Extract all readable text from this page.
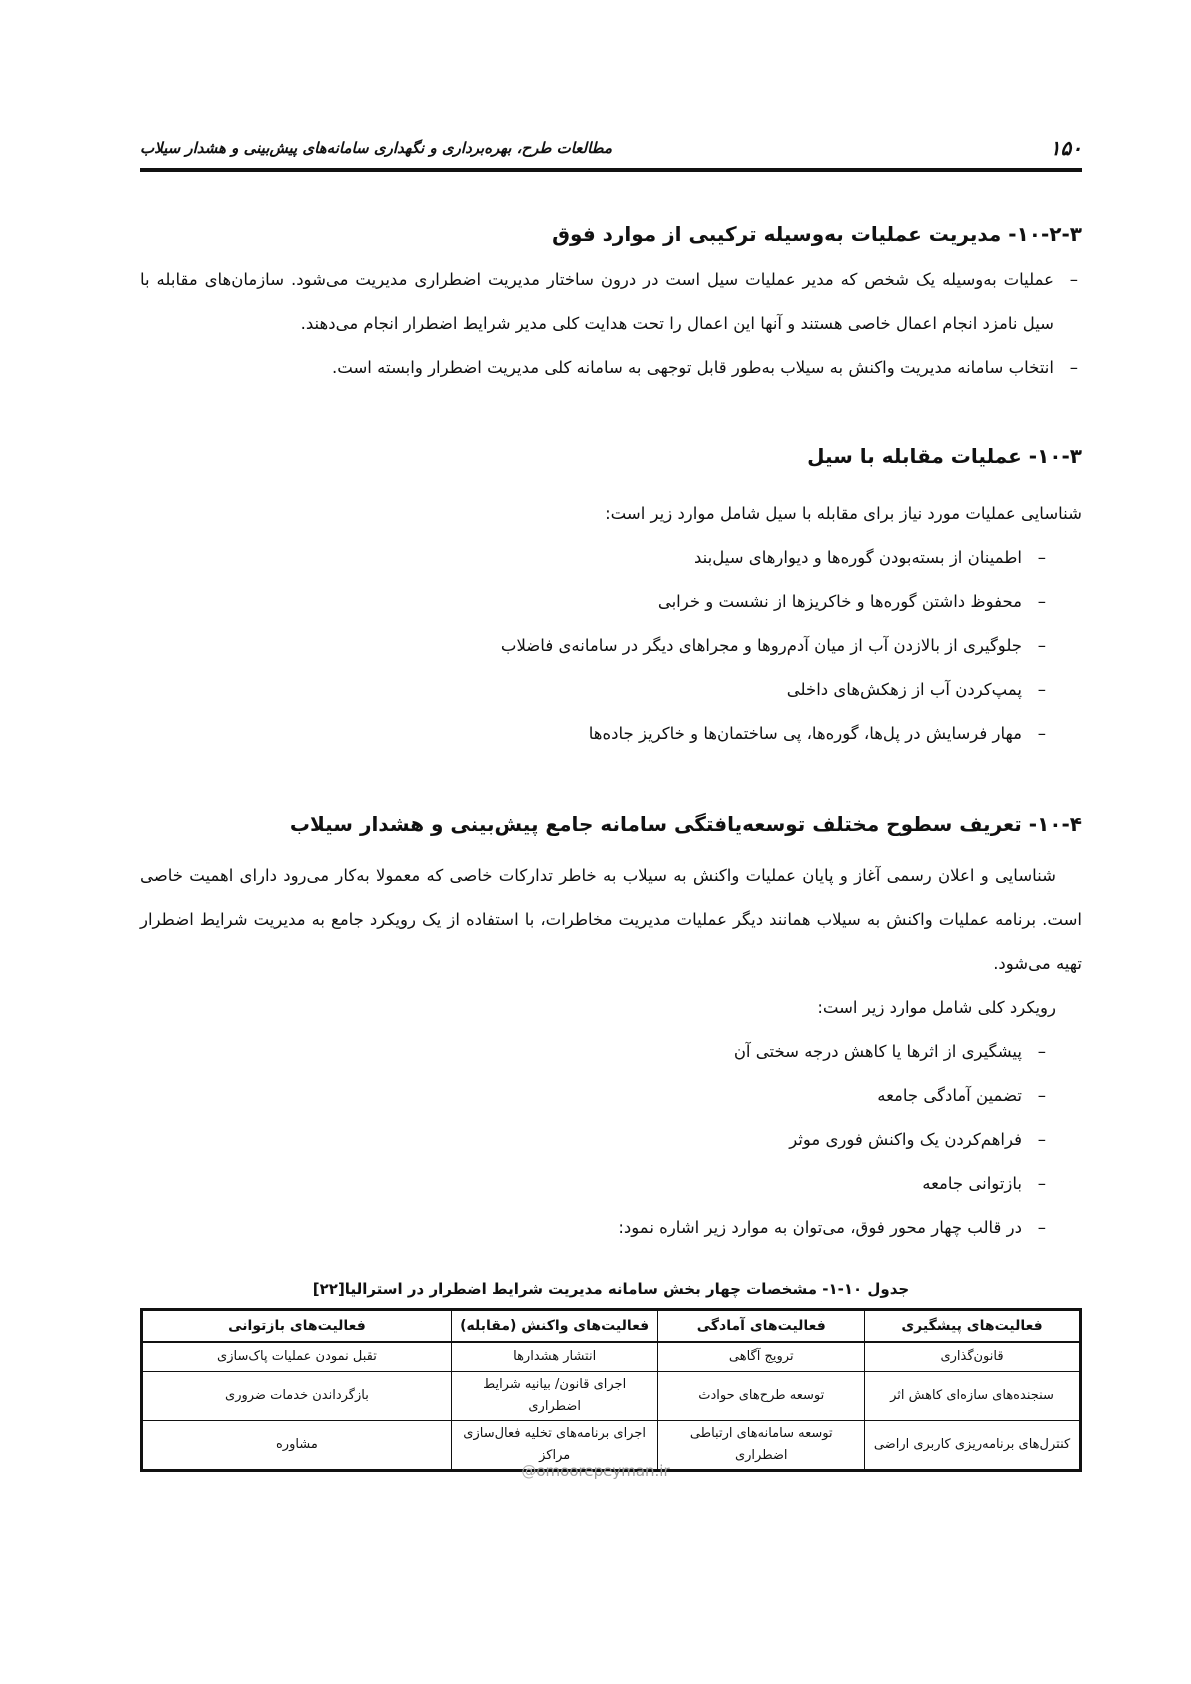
۱۵۰
مطالعات طرح، بهره‌برداری و نگهداری سامانه‌های پیش‌بینی و هشدار سیلاب
۱۰-۲-۳- مدیریت عملیات به‌وسیله ترکیبی از موارد فوق
– عملیات به‌وسیله یک شخص که مدیر عملیات سیل است در درون ساختار مدیریت اضطراری مدیریت می‌شود. سازمان‌های مقابله با سیل نامزد انجام اعمال خاصی هستند و آنها این اعمال را تحت هدایت کلی مدیر شرایط اضطرار انجام می‌دهند.
– انتخاب سامانه مدیریت واکنش به سیلاب به‌طور قابل توجهی به سامانه کلی مدیریت اضطرار وابسته است.
۱۰-۳- عملیات مقابله با سیل

شناسایی عملیات مورد نیاز برای مقابله با سیل شامل موارد زیر است:

– اطمینان از بسته‌بودن گوره‌ها و دیوارهای سیل‌بند
– محفوظ داشتن گوره‌ها و خاکریزها از نشست و خرابی
– جلوگیری از بالازدن آب از میان آدم‌روها و مجراهای دیگر در سامانه‌ی فاضلاب
– پمپ‌کردن آب از زهکش‌های داخلی
– مهار فرسایش در پل‌ها، گوره‌ها، پی ساختمان‌ها و خاکریز جاده‌ها
۱۰-۴- تعریف سطوح مختلف توسعه‌یافتگی سامانه جامع پیش‌بینی و هشدار سیلاب

شناسایی و اعلان رسمی آغاز و پایان عملیات واکنش به سیلاب به خاطر تدارکات خاصی که معمولا به‌کار می‌رود دارای اهمیت خاصی است. برنامه عملیات واکنش به سیلاب همانند دیگر عملیات مدیریت مخاطرات، با استفاده از یک رویکرد جامع به مدیریت شرایط اضطرار تهیه می‌شود.

رویکرد کلی شامل موارد زیر است:

– پیشگیری از اثرها یا کاهش درجه سختی آن
– تضمین آمادگی جامعه
– فراهم‌کردن یک واکنش فوری موثر
– بازتوانی جامعه
– در قالب چهار محور فوق، می‌توان به موارد زیر اشاره نمود:
جدول ۱۰-۱- مشخصات چهار بخش سامانه مدیریت شرایط اضطرار در استرالیا[۲۲]
فعالیت‌های پیشگیری	فعالیت‌های آمادگی	فعالیت‌های واکنش (مقابله)	فعالیت‌های بازتوانی
قانون‌گذاری	ترویج آگاهی	انتشار هشدارها	تقبل نمودن عملیات پاک‌سازی
سنجنده‌های سازه‌ای کاهش اثر	توسعه طرح‌های حوادث	اجرای قانون/ بیانیه شرایط اضطراری	بازگرداندن خدمات ضروری
کنترل‌های برنامه‌ریزی کاربری اراضی	توسعه سامانه‌های ارتباطی اضطراری	اجرای برنامه‌های تخلیه فعال‌سازی مراکز	مشاوره
@omoorepeyman.ir
